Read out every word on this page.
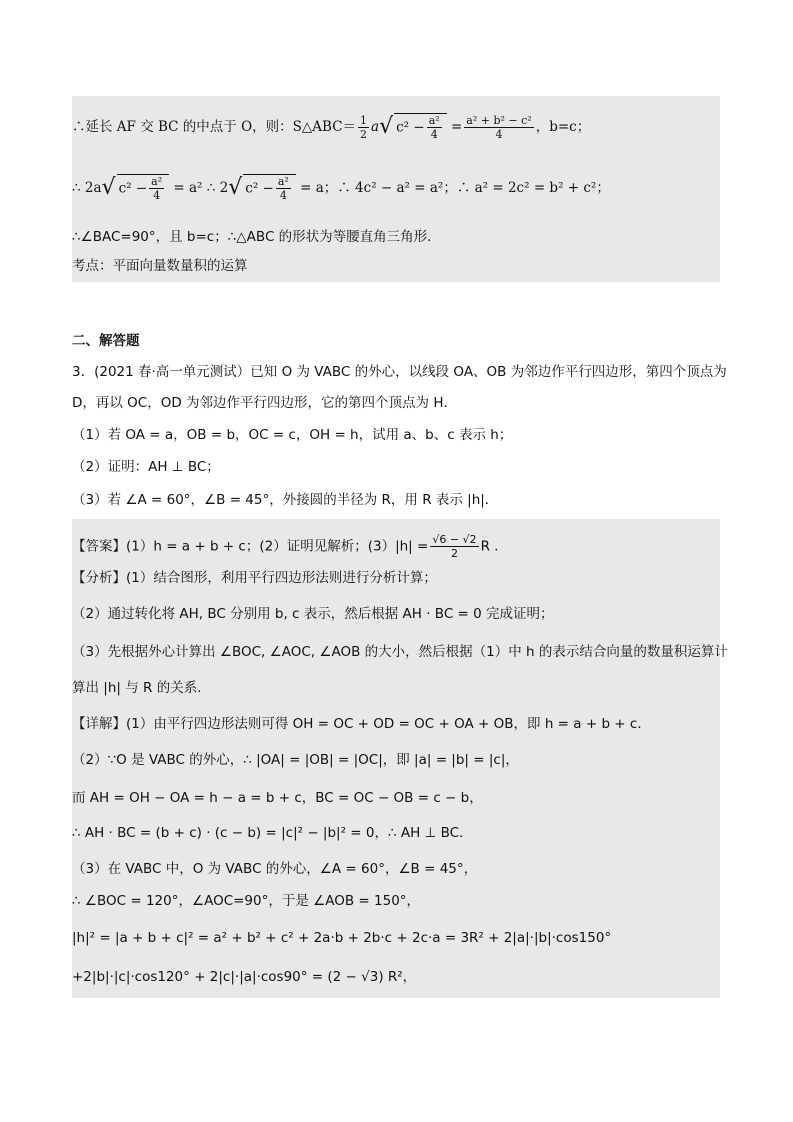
∴延长 AF 交 BC 的中点于 O，则：S△ABC＝ $\frac{1}{2} a√$ $c^2 - \frac{\text{a²}}{4} = \frac{\text{a² + b² − c²}}{4}$ ，b=c；
∴ 2a√ $c^2 - \frac{\text{a²}}{4} = a^2$ ∴ 2√ $c^2 - \frac{\text{a²}}{4} = a$；∴ 4c² − a² = a²；∴ a² = 2c² = b² + c²；
∴∠BAC=90°，且 b=c；∴△ABC 的形状为等腰直角三角形．
考点：平面向量数量积的运算
二、解答题
3．(2021 春·高一单元测试）已知 O 为 VABC 的外心，以线段 OA、OB 为邻边作平行四边形，第四个顶点为
D，再以 OC，OD 为邻边作平行四边形，它的第四个顶点为 H．
（1）若 OA = a，OB = b，OC = c，OH = h，试用 a、b、c 表示 h；
（2）证明：AH ⊥ BC；
（3）若 ∠A = 60°，∠B = 45°，外接圆的半径为 R，用 R 表示 |h|．
【答案】(1）h = a + b + c；(2）证明见解析；$(3)|h| = \frac{√6 - √2}{2}$ R ．
【分析】(1）结合图形，利用平行四边形法则进行分析计算；
（2）通过转化将 AH, BC 分别用 b, c 表示，然后根据 AH · BC = 0 完成证明；
（3）先根据外心计算出 ∠BOC, ∠AOC, ∠AOB 的大小，然后根据（1）中 h 的表示结合向量的数量积运算计
算出 |h| 与 R 的关系.
【详解】(1）由平行四边形法则可得 OH = OC + OD = OC + OA + OB，即 h = a + b + c．
（2）∵O 是 VABC 的外心，∴ |OA| = |OB| = |OC|，即 |a| = |b| = |c|，
而 AH = OH − OA = h − a = b + c，BC = OC − OB = c − b，
∴ AH · BC = (b + c) · (c − b) = |c|² − |b|² = 0，∴ AH ⊥ BC．
（3）在 VABC 中，O 为 VABC 的外心，∠A = 60°，∠B = 45°，
∴ ∠BOC = 120°，∠AOC=90°，于是 ∠AOB = 150°，
|h|² = |a + b + c|² = a² + b² + c² + 2a·b + 2b·c + 2c·a = 3R² + 2|a|·|b|·cos150°
+2|b|·|c|·cos120° + 2|c|·|a|·cos90° = (2 − √3) R²，
